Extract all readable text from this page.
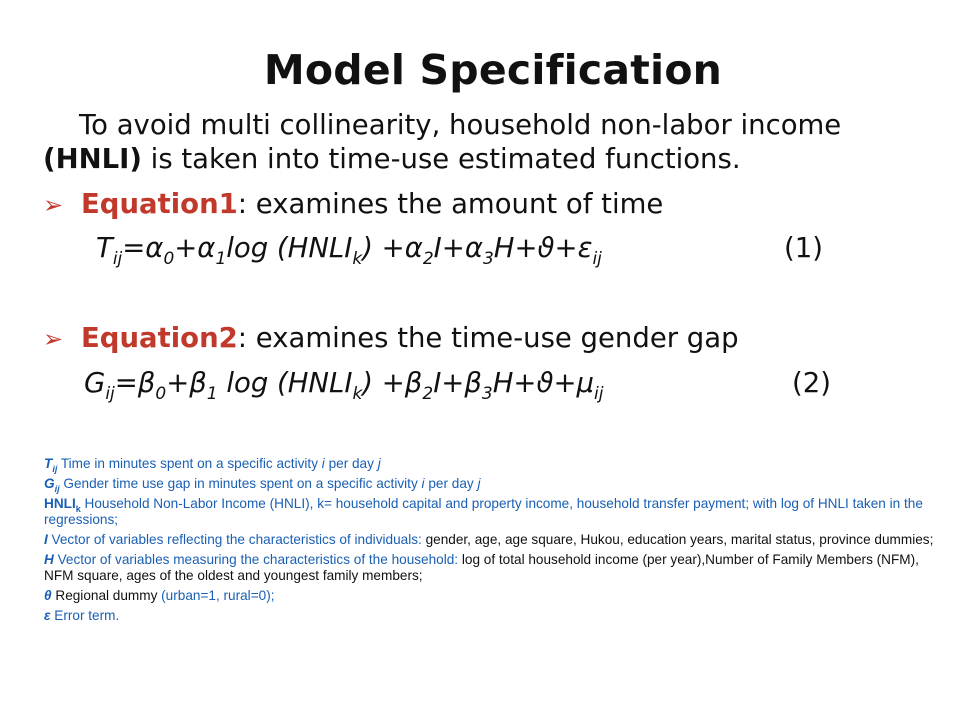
Model Specification
To avoid multi collinearity, household non-labor income
(HNLI) is taken into time-use estimated functions.
➢ Equation1: examines the amount of time
$T_{ij}=\alpha_0+\alpha_1\log$ $(HNLI_k) +\alpha_2I+\alpha_3H+ϑ+\varepsilon_{ij}$	(1)
➢ Equation2: examines the time-use gender gap
$G_{ij}=\beta_0+\beta_1$ $\log (HNLI_k) +\beta_2I+\beta_3H+ϑ+\mu_{ij}$	(2)
$T_{ij}$ Time in minutes spent on a specific activity i per day j
$G_{ij}$ Gender time use gap in minutes spent on a specific activity i per day j
$HNLI_k$ Household Non-Labor Income (HNLI), k= household capital and property income, household transfer payment; with log of HNLI taken in the regressions;
I Vector of variables reflecting the characteristics of individuals: gender, age, age square, Hukou, education years, marital status, province dummies;
H Vector of variables measuring the characteristics of the household: log of total household income (per year),Number of Family Members (NFM), NFM square, ages of the oldest and youngest family members;
θ Regional dummy (urban=1, rural=0);
ε Error term.
